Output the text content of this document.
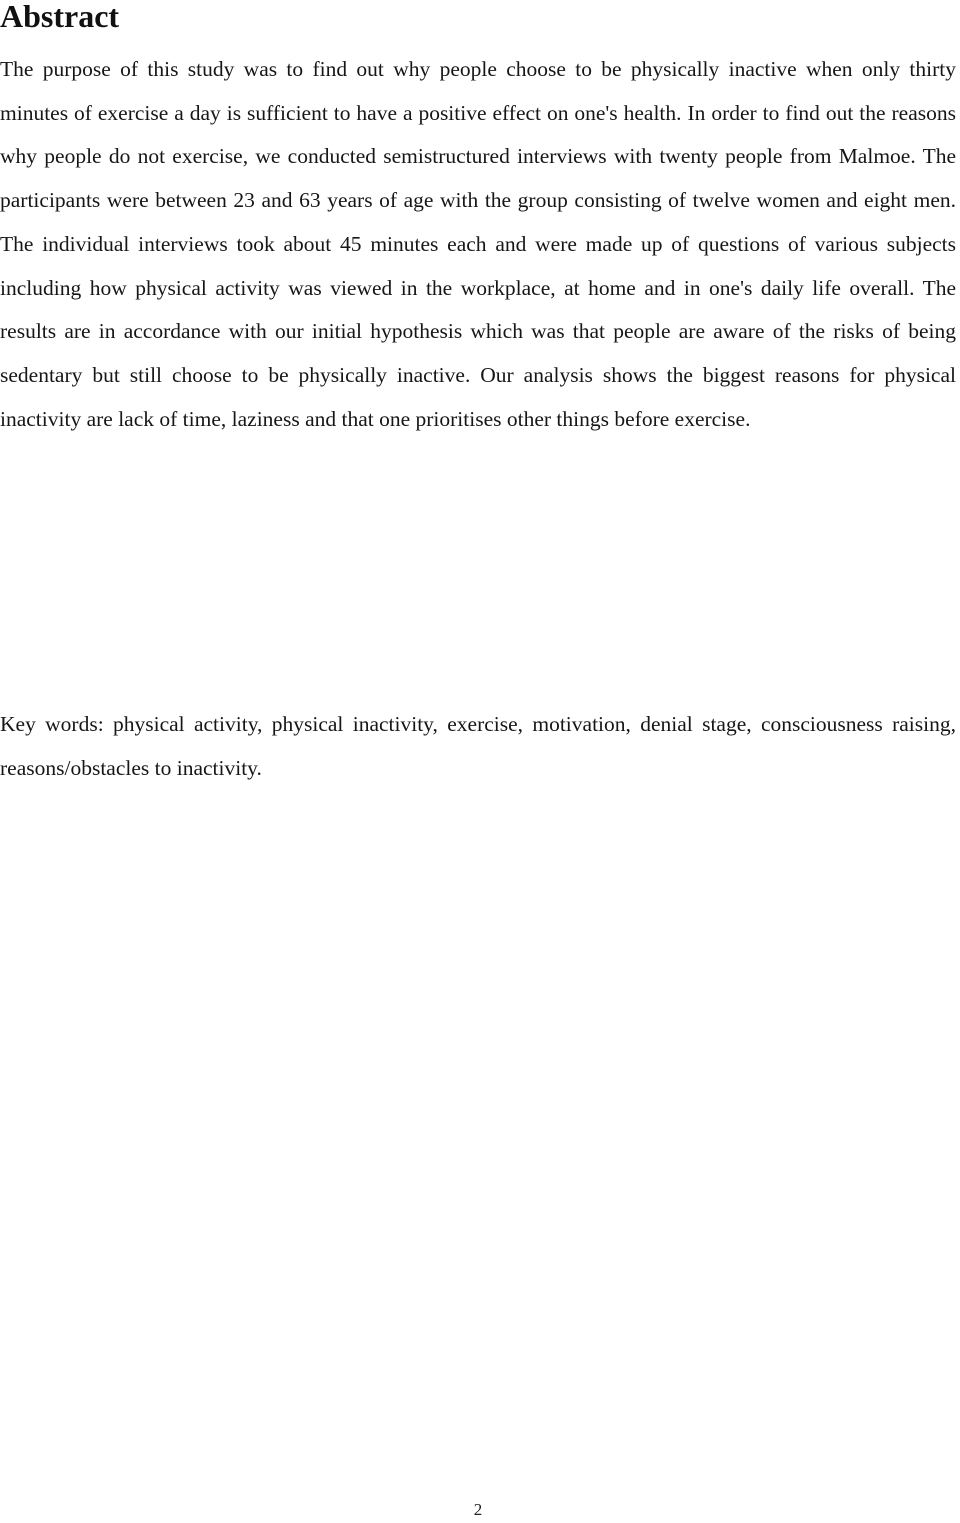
Abstract

The purpose of this study was to find out why people choose to be physically inactive when only thirty minutes of exercise a day is sufficient to have a positive effect on one's health. In order to find out the reasons why people do not exercise, we conducted semistructured interviews with twenty people from Malmoe. The participants were between 23 and 63 years of age with the group consisting of twelve women and eight men. The individual interviews took about 45 minutes each and were made up of questions of various subjects including how physical activity was viewed in the workplace, at home and in one's daily life overall. The results are in accordance with our initial hypothesis which was that people are aware of the risks of being sedentary but still choose to be physically inactive. Our analysis shows the biggest reasons for physical inactivity are lack of time, laziness and that one prioritises other things before exercise.

Key words: physical activity, physical inactivity, exercise, motivation, denial stage, consciousness raising, reasons/obstacles to inactivity.

2
